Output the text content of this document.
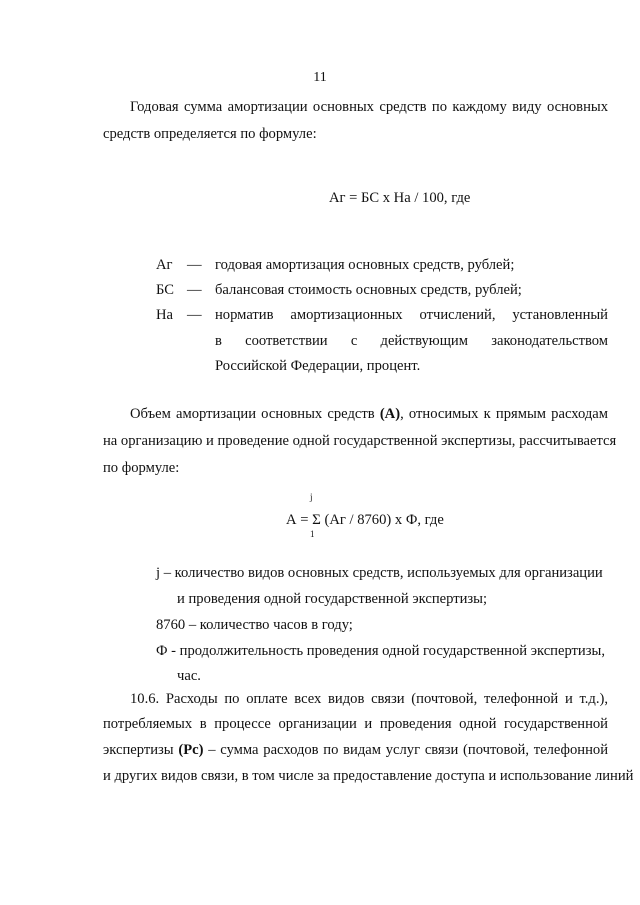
11
Годовая сумма амортизации основных средств по каждому виду основных
средств определяется по формуле:
Аг = БС х На / 100, где
Аг — годовая амортизация основных средств, рублей;
БС — балансовая стоимость основных средств, рублей;
На — норматив амортизационных отчислений, установленный
в соответствии с действующим законодательством
Российской Федерации, процент.
Объем амортизации основных средств (А), относимых к прямым расходам
на организацию и проведение одной государственной экспертизы, рассчитывается
по формуле:
А = Σ (Аг / 8760) х Ф, где
j
1
j – количество видов основных средств, используемых для организации
и проведения одной государственной экспертизы;
8760 – количество часов в году;
Ф - продолжительность проведения одной государственной экспертизы,
час.
10.6. Расходы по оплате всех видов связи (почтовой, телефонной и т.д.),
потребляемых в процессе организации и проведения одной государственной
экспертизы (Рс) – сумма расходов по видам услуг связи (почтовой, телефонной
и других видов связи, в том числе за предоставление доступа и использование линий
